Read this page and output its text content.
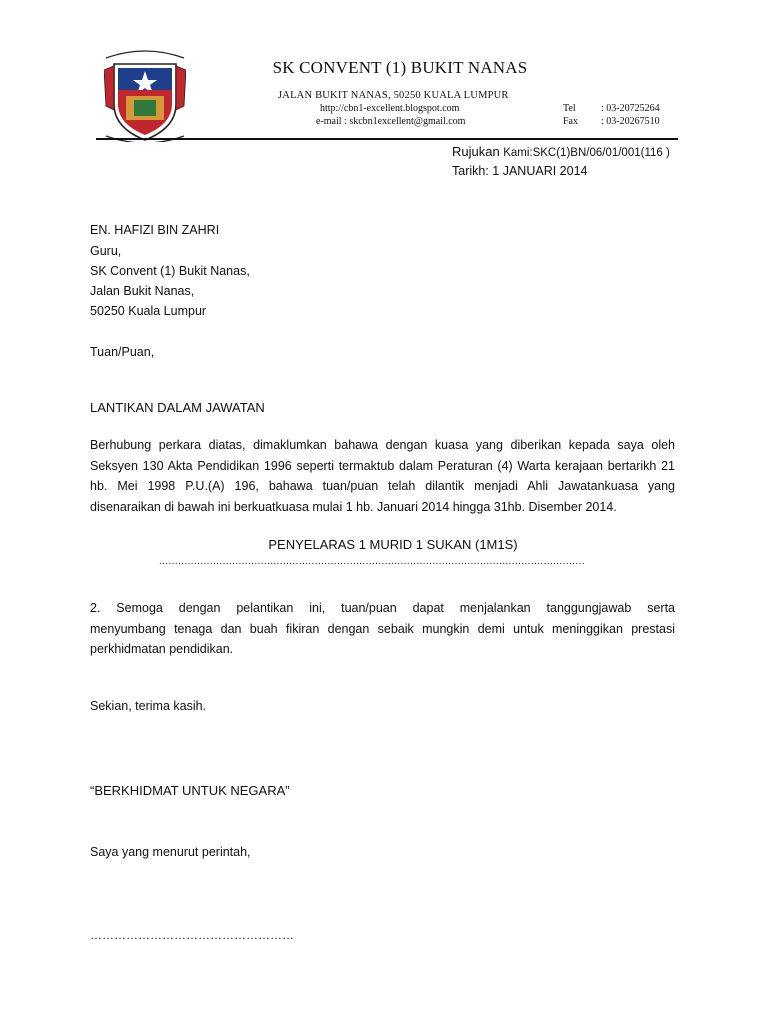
SK CONVENT (1) BUKIT NANAS
JALAN BUKIT NANAS, 50250 KUALA LUMPUR
http://cbn1-excellent.blogspot.com
e-mail : skcbn1excellent@gmail.com
Tel	: 03-20725264
Fax : 03-20267510
Rujukan Kami:SKC(1)BN/06/01/001(116 )
Tarikh: 1 JANUARI 2014
EN. HAFIZI BIN ZAHRI
Guru,
SK Convent (1) Bukit Nanas,
Jalan Bukit Nanas,
50250 Kuala Lumpur
Tuan/Puan,
LANTIKAN DALAM JAWATAN
Berhubung perkara diatas, dimaklumkan bahawa dengan kuasa yang diberikan kepada saya oleh
Seksyen 130 Akta Pendidikan 1996 seperti termaktub dalam Peraturan (4) Warta kerajaan bertarikh 21
hb. Mei 1998 P.U.(A) 196, bahawa tuan/puan telah dilantik menjadi Ahli Jawatankuasa yang
disenaraikan di bawah ini berkuatkuasa mulai 1 hb. Januari 2014 hingga 31hb. Disember 2014.
PENYELARAS 1 MURID 1 SUKAN (1M1S)
......................................................................................................................................
2. Semoga dengan pelantikan ini, tuan/puan dapat menjalankan tanggungjawab serta
menyumbang tenaga dan buah fikiran dengan sebaik mungkin demi untuk meninggikan prestasi
perkhidmatan pendidikan.
Sekian, terima kasih.
“BERKHIDMAT UNTUK NEGARA”
Saya yang menurut perintah,
……………………………………………
